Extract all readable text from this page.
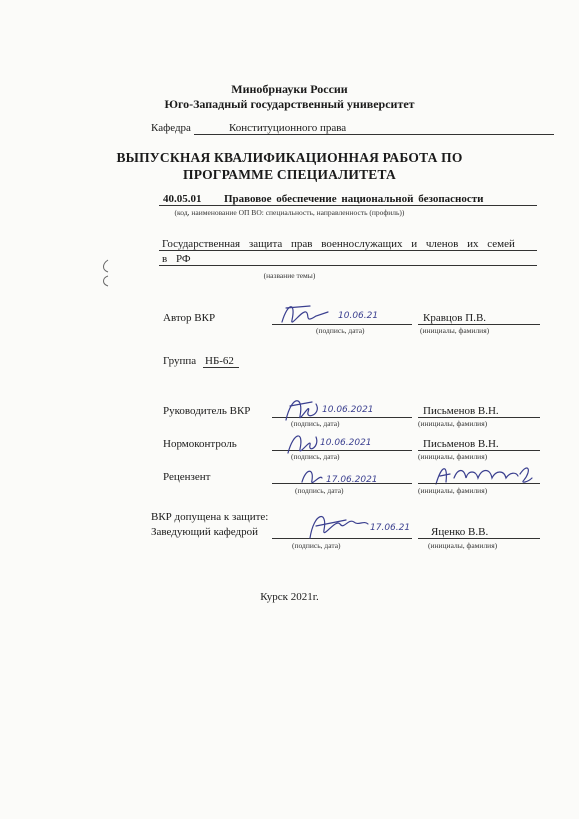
Минобрнауки России
Юго-Западный государственный университет
Кафедра	Конституционного права
ВЫПУСКНАЯ КВАЛИФИКАЦИОННАЯ РАБОТА ПО
ПРОГРАММЕ СПЕЦИАЛИТЕТА
40.05.01 Правовое обеспечение национальной безопасности
(код, наименование ОП ВО: специальность, направленность (профиль))
Государственная защита прав военнослужащих и членов их семей
в РФ
(название темы)
Автор ВКР	10.06.21
(подпись, дата)
Кравцов П.В.
(инициалы, фамилия)
Группа НБ-62
Руководитель ВКР	10.06.2021
(подпись, дата)
Письменов В.Н.
(инициалы, фамилия)
Нормоконтроль	10.06.2021
(подпись, дата)
Письменов В.Н.
(инициалы, фамилия)
Рецензент	17.06.2021
(подпись, дата)	(инициалы, фамилия)
ВКР допущена к защите:
Заведующий кафедрой	17.06.21
(подпись, дата)
Яценко В.В.
(инициалы, фамилия)
Курск 2021г.
